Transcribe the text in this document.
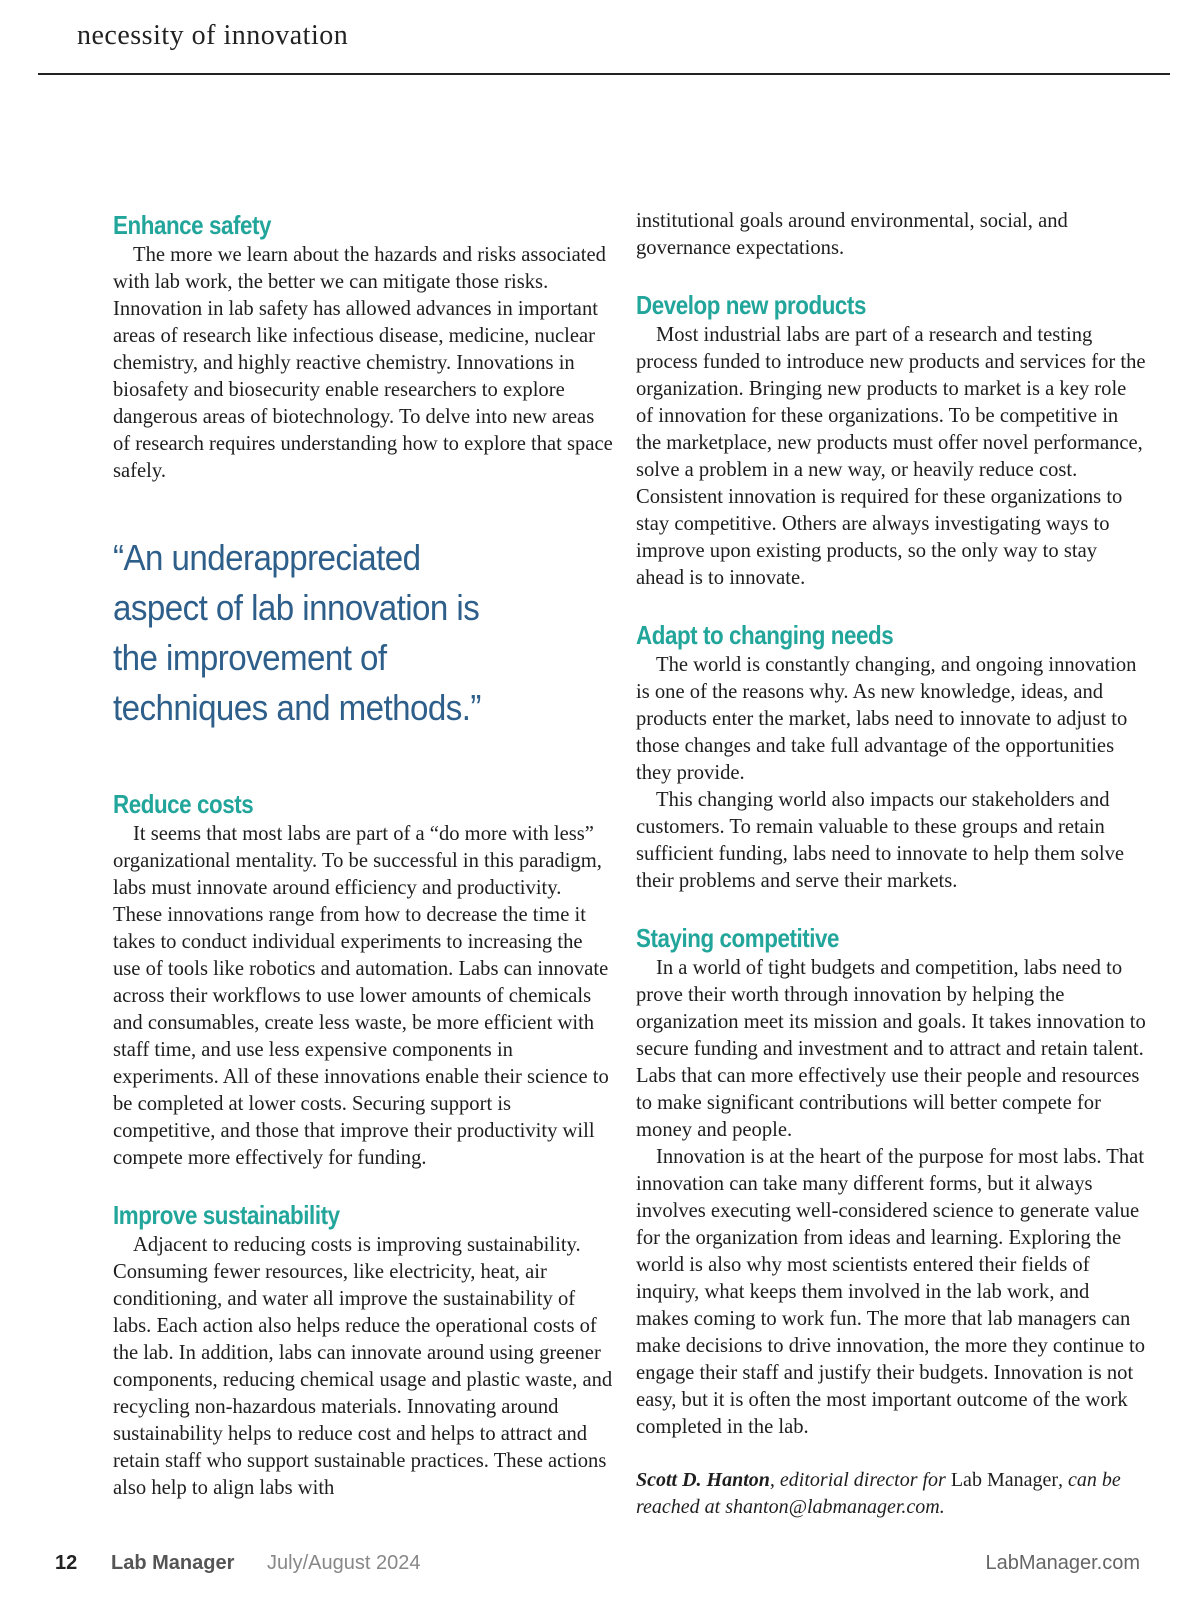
necessity of innovation
Enhance safety

The more we learn about the hazards and risks associated with lab work, the better we can mitigate those risks. Innovation in lab safety has allowed advances in important areas of research like infectious disease, medicine, nuclear chemistry, and highly reactive chemistry. Innovations in biosafety and biosecurity enable researchers to explore dangerous areas of biotechnology. To delve into new areas of research requires understanding how to explore that space safely.

“An underappreciated aspect of lab innovation is the improvement of techniques and methods.”
Reduce costs

It seems that most labs are part of a “do more with less” organizational mentality. To be successful in this paradigm, labs must innovate around efficiency and productivity. These innovations range from how to decrease the time it takes to conduct individual experiments to increasing the use of tools like robotics and automation. Labs can innovate across their workflows to use lower amounts of chemicals and consumables, create less waste, be more efficient with staff time, and use less expensive components in experiments. All of these innovations enable their science to be completed at lower costs. Securing support is competitive, and those that improve their productivity will compete more effectively for funding.

Improve sustainability

Adjacent to reducing costs is improving sustainability. Consuming fewer resources, like electricity, heat, air conditioning, and water all improve the sustainability of labs. Each action also helps reduce the operational costs of the lab. In addition, labs can innovate around using greener components, reducing chemical usage and plastic waste, and recycling non-hazardous materials. Innovating around sustainability helps to reduce cost and helps to attract and retain staff who support sustainable practices. These actions also help to align labs with

institutional goals around environmental, social, and governance expectations.

Develop new products

Most industrial labs are part of a research and testing process funded to introduce new products and services for the organization. Bringing new products to market is a key role of innovation for these organizations. To be competitive in the marketplace, new products must offer novel performance, solve a problem in a new way, or heavily reduce cost. Consistent innovation is required for these organizations to stay competitive. Others are always investigating ways to improve upon existing products, so the only way to stay ahead is to innovate.

Adapt to changing needs

The world is constantly changing, and ongoing innovation is one of the reasons why. As new knowledge, ideas, and products enter the market, labs need to innovate to adjust to those changes and take full advantage of the opportunities they provide.

This changing world also impacts our stakeholders and customers. To remain valuable to these groups and retain sufficient funding, labs need to innovate to help them solve their problems and serve their markets.

Staying competitive

In a world of tight budgets and competition, labs need to prove their worth through innovation by helping the organization meet its mission and goals. It takes innovation to secure funding and investment and to attract and retain talent. Labs that can more effectively use their people and resources to make significant contributions will better compete for money and people.

Innovation is at the heart of the purpose for most labs. That innovation can take many different forms, but it always involves executing well-considered science to generate value for the organization from ideas and learning. Exploring the world is also why most scientists entered their fields of inquiry, what keeps them involved in the lab work, and makes coming to work fun. The more that lab managers can make decisions to drive innovation, the more they continue to engage their staff and justify their budgets. Innovation is not easy, but it is often the most important outcome of the work completed in the lab.

Scott D. Hanton, editorial director for Lab Manager, can be reached at shanton@labmanager.com.

12 Lab Manager July/August 2024	LabManager.com
